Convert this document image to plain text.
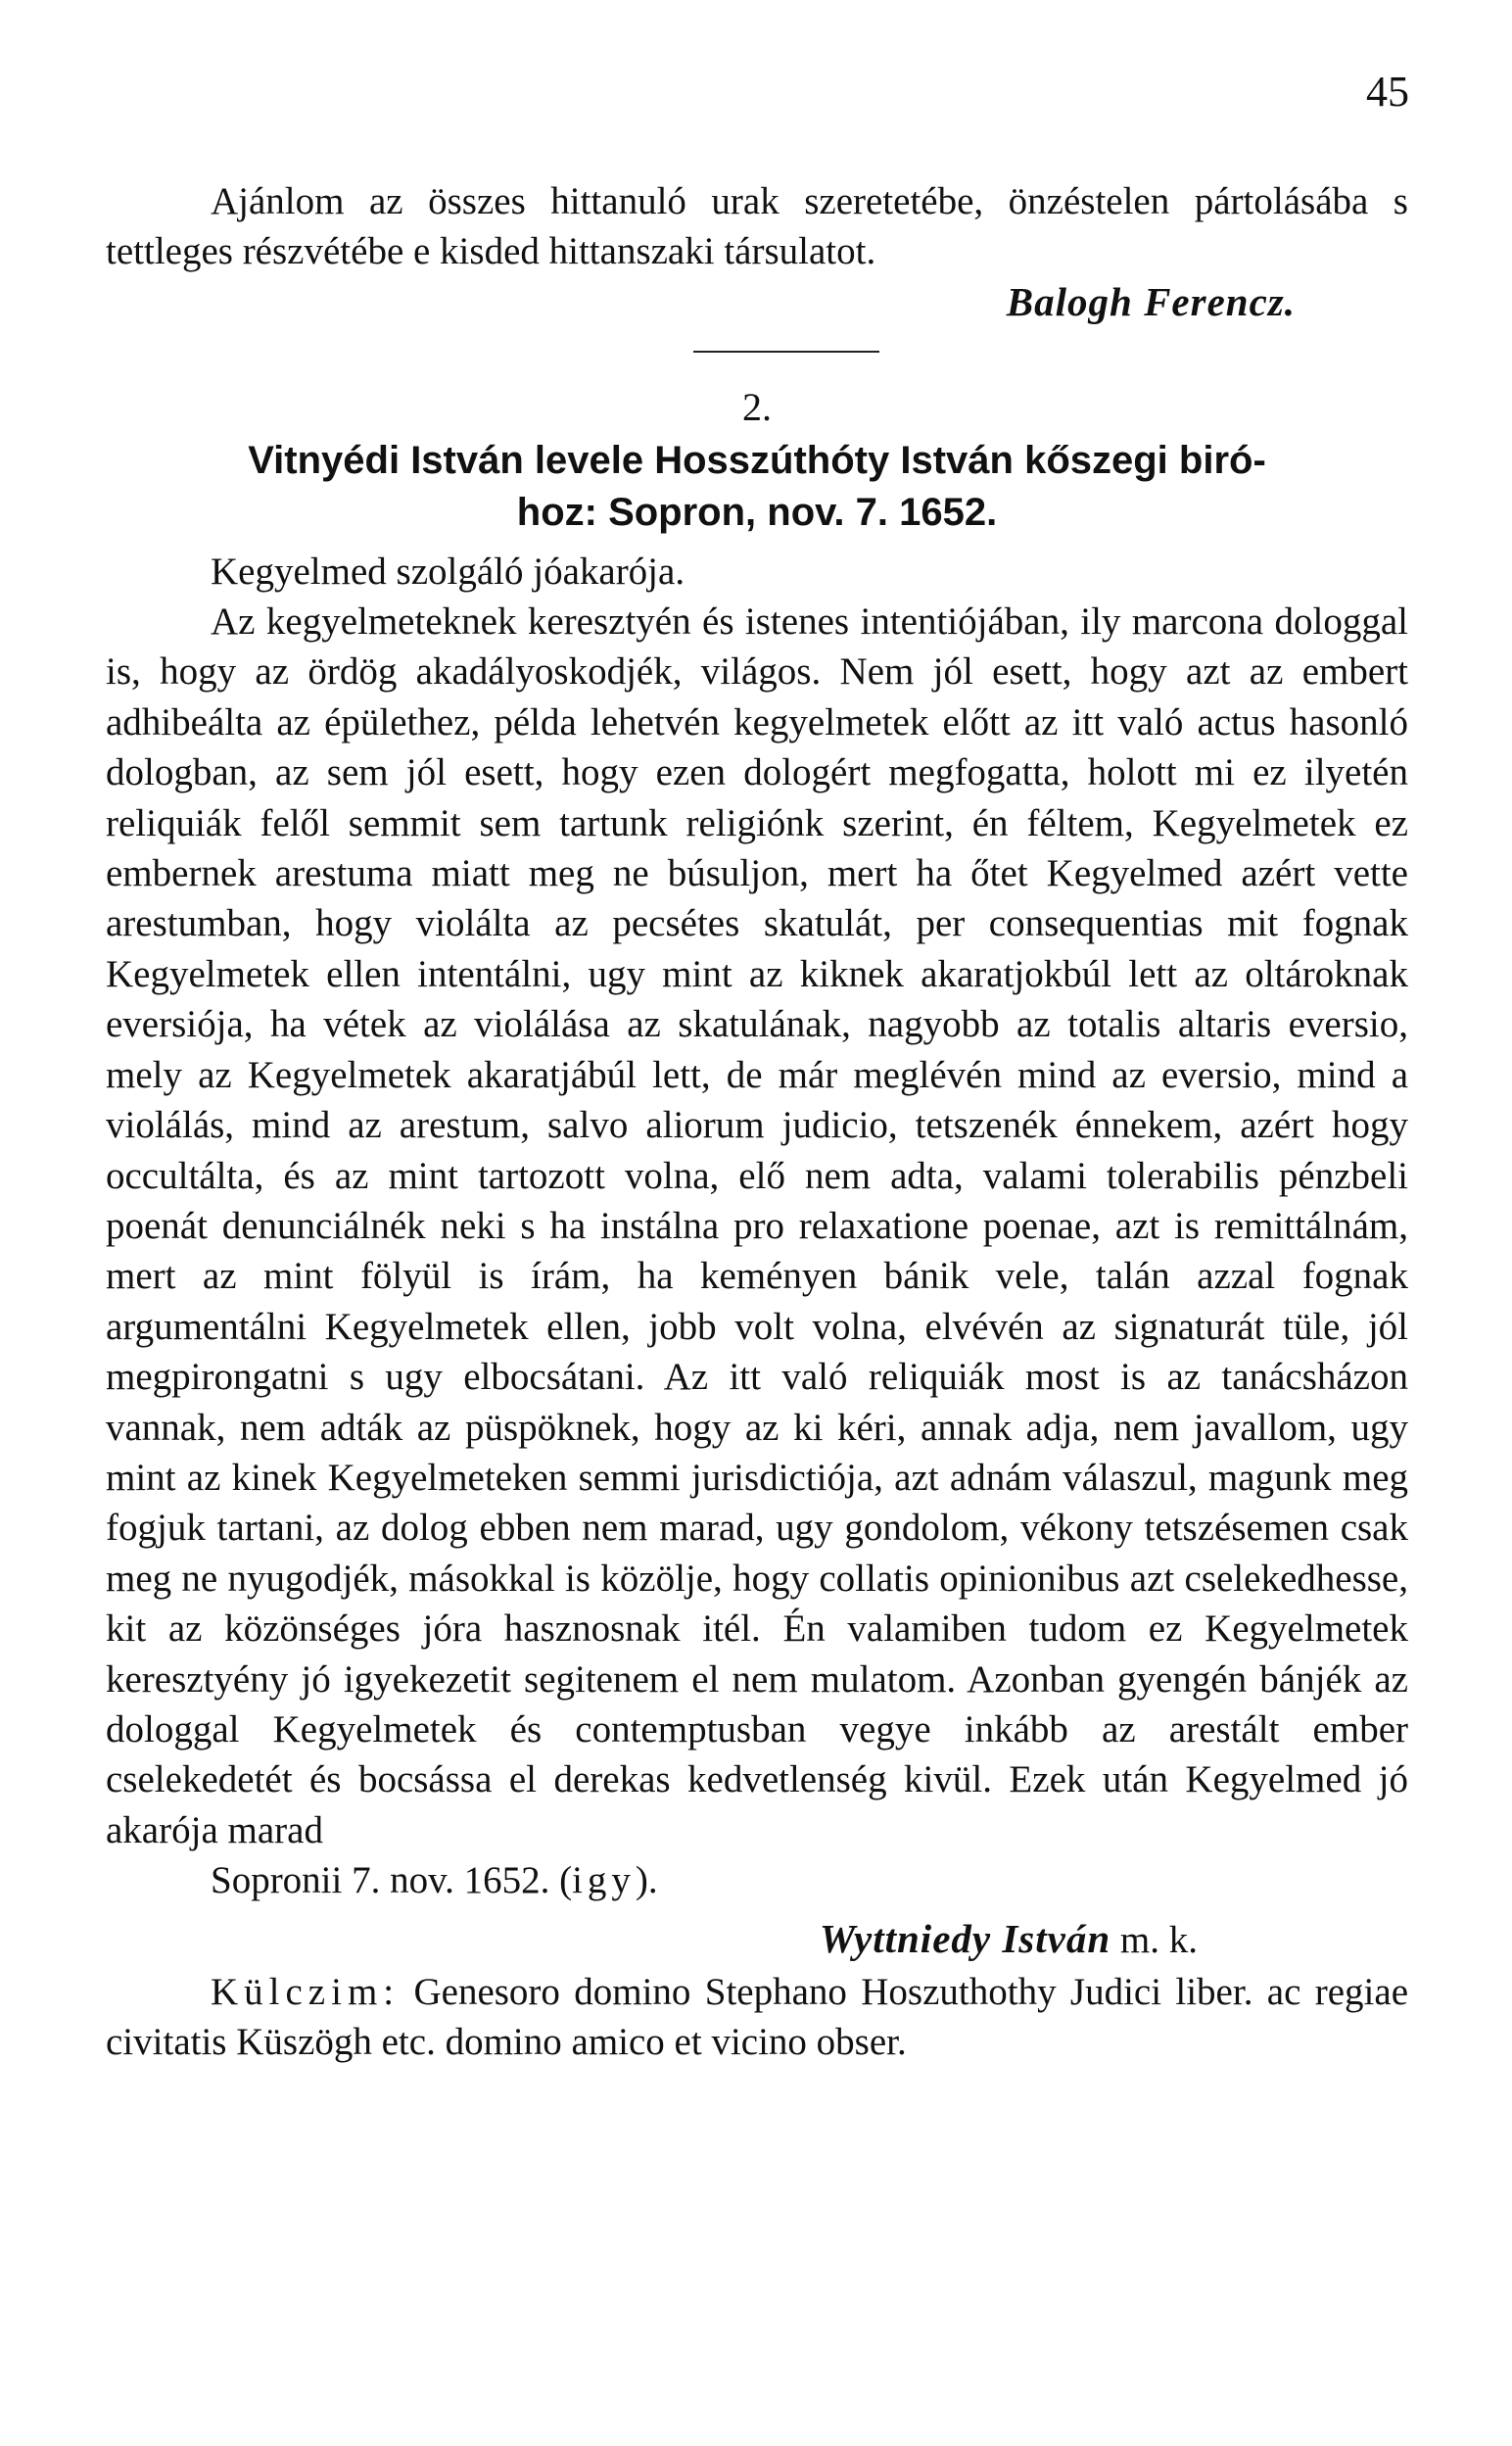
45

Ajánlom az összes hittanuló urak szeretetébe, önzéstelen pártolásába s tettleges részvétébe e kisded hittanszaki társulatot.

Balogh Ferencz.

2.

Vitnyédi István levele Hosszúthóty István kőszegi biró-
hoz: Sopron, nov. 7. 1652.

Kegyelmed szolgáló jóakarója.

Az kegyelmeteknek keresztyén és istenes intentiójában, ily marcona dologgal is, hogy az ördög akadályoskodjék, világos. Nem jól esett, hogy azt az embert adhibeálta az épülethez, példa lehetvén kegyelmetek előtt az itt való actus hasonló dologban, az sem jól esett, hogy ezen dologért megfogatta, holott mi ez ilyetén reliquiák felől semmit sem tartunk religiónk szerint, én féltem, Kegyelmetek ez embernek arestuma miatt meg ne búsuljon, mert ha őtet Kegyelmed azért vette arestumban, hogy violálta az pecsétes skatulát, per consequentias mit fognak Kegyelmetek ellen intentálni, ugy mint az kiknek akaratjokbúl lett az oltároknak eversiója, ha vétek az violálása az skatulának, nagyobb az totalis altaris eversio, mely az Kegyelmetek akaratjábúl lett, de már meglévén mind az eversio, mind a violálás, mind az arestum, salvo aliorum judicio, tetszenék énnekem, azért hogy occultálta, és az mint tartozott volna, elő nem adta, valami tolerabilis pénzbeli poenát denunciálnék neki s ha instálna pro relaxatione poenae, azt is remittálnám, mert az mint fölyül is írám, ha keményen bánik vele, talán azzal fognak argumentálni Kegyelmetek ellen, jobb volt volna, elvévén az signaturát tüle, jól megpirongatni s ugy elbocsátani. Az itt való reliquiák most is az tanácsházon vannak, nem adták az püspöknek, hogy az ki kéri, annak adja, nem javallom, ugy mint az kinek Kegyelmeteken semmi jurisdictiója, azt adnám válaszul, magunk meg fogjuk tartani, az dolog ebben nem marad, ugy gondolom, vékony tetszésemen csak meg ne nyugodjék, másokkal is közölje, hogy collatis opinionibus azt cselekedhesse, kit az közönséges jóra hasznosnak itél. Én valamiben tudom ez Kegyelmetek keresztyény jó igyekezetit segitenem el nem mulatom. Azonban gyengén bánjék az dologgal Kegyelmetek és contemptusban vegye inkább az arestált ember cselekedetét és bocsássa el derekas kedvetlenség kivül. Ezek után Kegyelmed jó akarója marad

Sopronii 7. nov. 1652. (igy).

Wyttniedy István m. k.

Külczim: Genesoro domino Stephano Hoszuthothy Judici liber. ac regiae civitatis Küszögh etc. domino amico et vicino obser.
